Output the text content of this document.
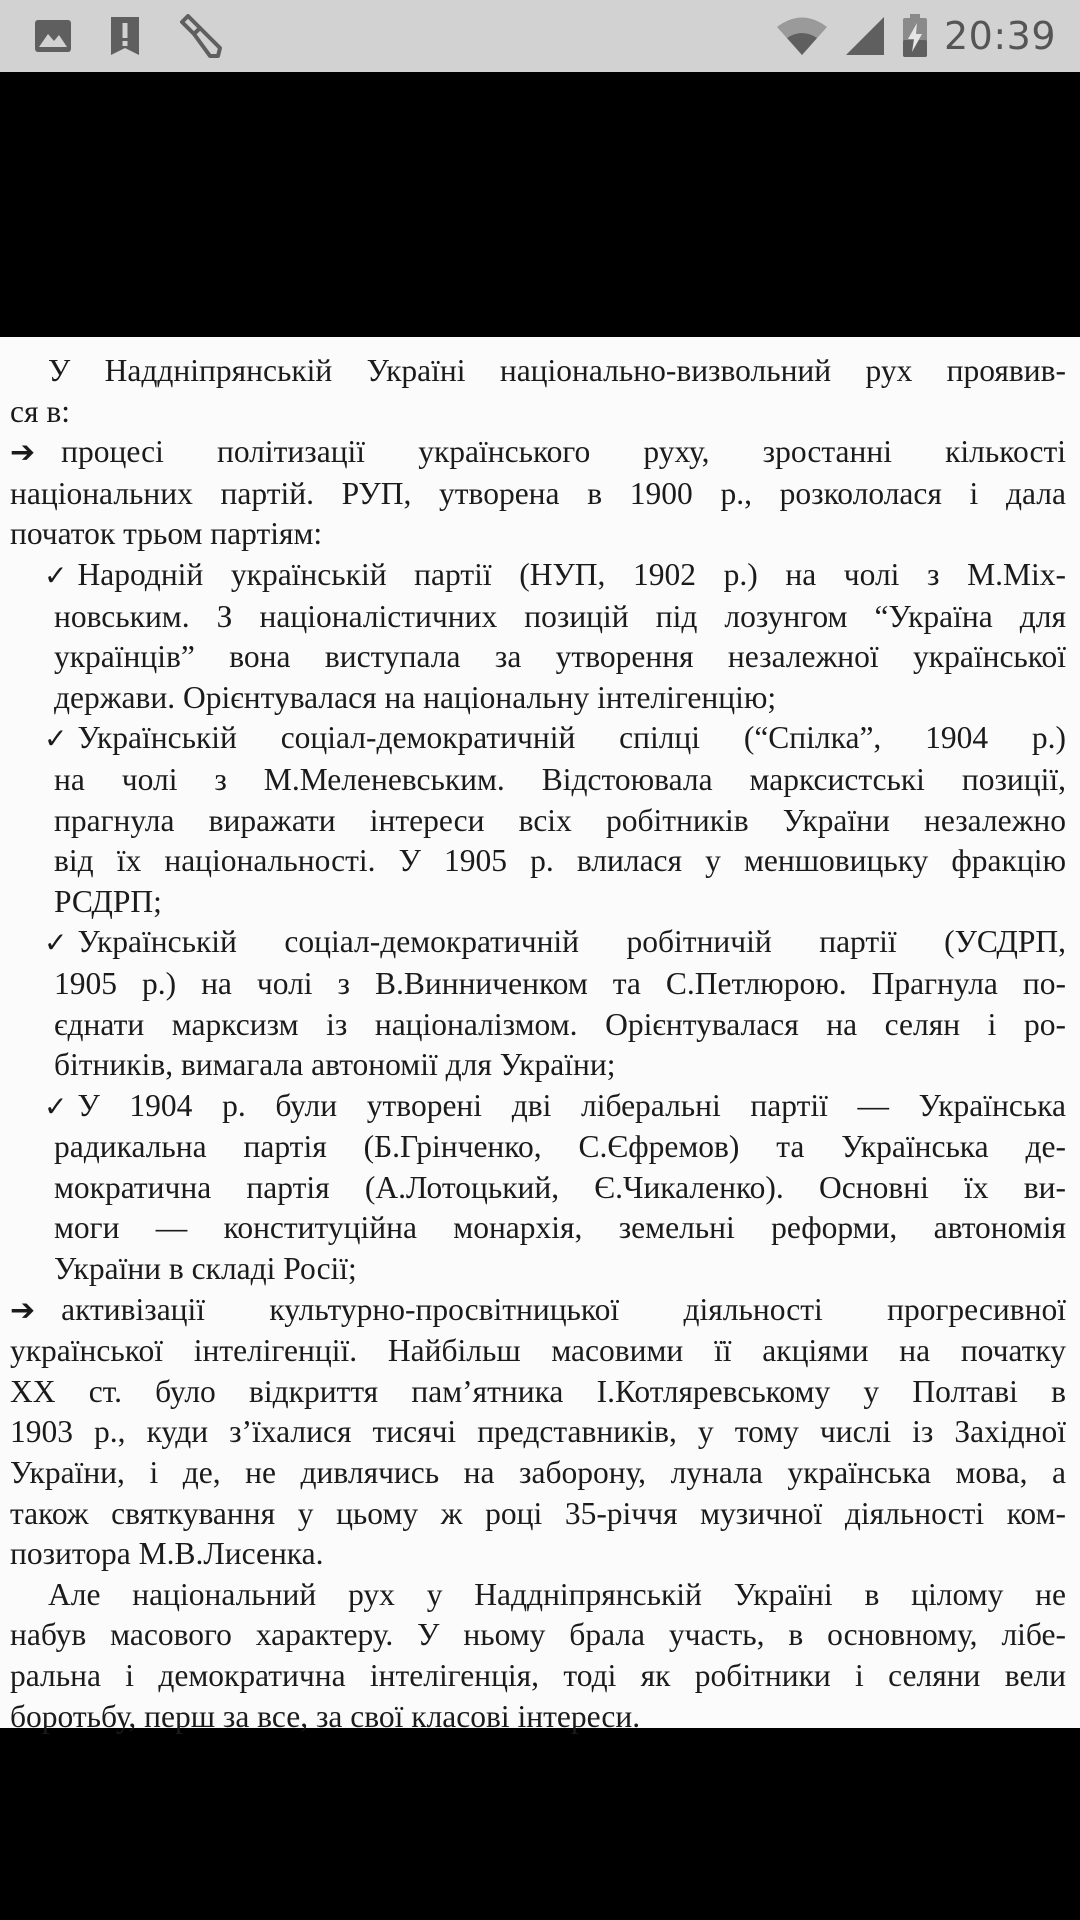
20:39

У Наддніпрянській Україні національно-визвольний рух проявив-

ся в:

➔ процесі політизації українського руху, зростанні кількості

національних партій. РУП, утворена в 1900 р., розкололася і дала

початок трьом партіям:

✓ Народній українській партії (НУП, 1902 р.) на чолі з М.Міх-

новським. З націоналістичних позицій під лозунгом “Україна для

українців” вона виступала за утворення незалежної української

держави. Орієнтувалася на національну інтелігенцію;

✓ Українській соціал-демократичній спілці (“Спілка”, 1904 р.)

на чолі з М.Меленевським. Відстоювала марксистські позиції,

прагнула виражати інтереси всіх робітників України незалежно

від їх національності. У 1905 р. влилася у меншовицьку фракцію

РСДРП;

✓ Українській соціал-демократичній робітничій партії (УСДРП,

1905 р.) на чолі з В.Винниченком та С.Петлюрою. Прагнула по-

єднати марксизм із націоналізмом. Орієнтувалася на селян і ро-

бітників, вимагала автономії для України;

✓ У 1904 р. були утворені дві ліберальні партії — Українська

радикальна партія (Б.Грінченко, С.Єфремов) та Українська де-

мократична партія (А.Лотоцький, Є.Чикаленко). Основні їх ви-

моги — конституційна монархія, земельні реформи, автономія

України в складі Росії;

➔ активізації культурно-просвітницької діяльності прогресивної

української інтелігенції. Найбільш масовими її акціями на початку

XX ст. було відкриття пам’ятника І.Котляревському у Полтаві в

1903 р., куди з’їхалися тисячі представників, у тому числі із Західної

України, і де, не дивлячись на заборону, лунала українська мова, а

також святкування у цьому ж році 35-річчя музичної діяльності ком-

позитора М.В.Лисенка.

Але національний рух у Наддніпрянській Україні в цілому не

набув масового характеру. У ньому брала участь, в основному, лібе-

ральна і демократична інтелігенція, тоді як робітники і селяни вели

боротьбу, перш за все, за свої класові інтереси.
